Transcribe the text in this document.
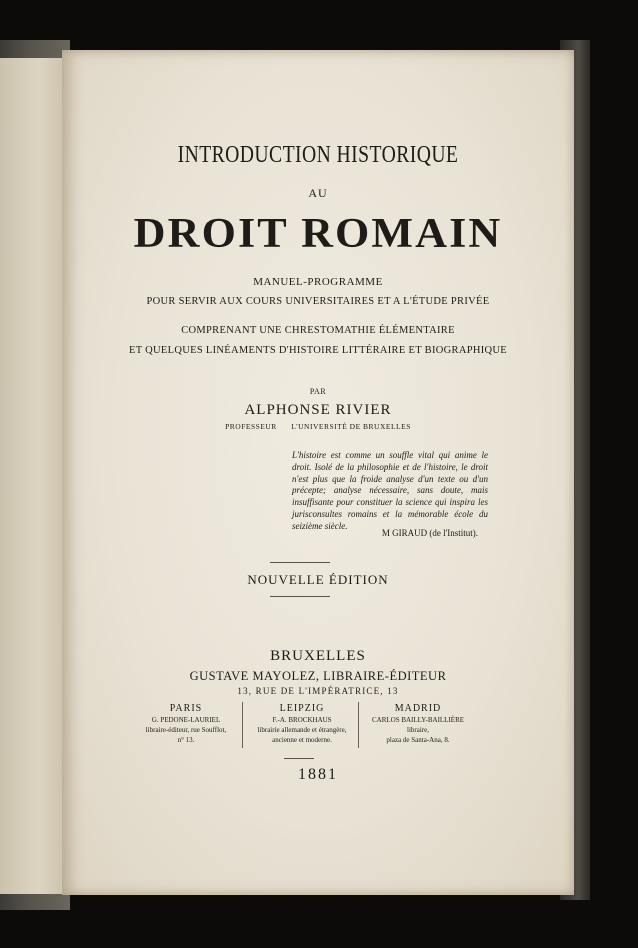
INTRODUCTION HISTORIQUE
AU
DROIT ROMAIN
MANUEL-PROGRAMME
POUR SERVIR AUX COURS UNIVERSITAIRES ET A L'ÉTUDE PRIVÉE
COMPRENANT UNE CHRESTOMATHIE ÉLÉMENTAIRE
ET QUELQUES LINÉAMENTS D'HISTOIRE LITTÉRAIRE ET BIOGRAPHIQUE
PAR
ALPHONSE RIVIER
PROFESSEUR L'UNIVERSITÉ DE BRUXELLES
L'histoire est comme un souffle vital qui anime le droit. Isolé de la philosophie et de l'histoire, le droit n'est plus que la froide analyse d'un texte ou d'un précepte; analyse nécessaire, sans doute, mais insuffisante pour constituer la science qui inspira les jurisconsultes romains et la mémorable école du seizième siècle.
M GIRAUD (de l'Institut).
NOUVELLE ÉDITION
BRUXELLES
GUSTAVE MAYOLEZ, LIBRAIRE-ÉDITEUR
13, RUE DE L'IMPÉRATRICE, 13
PARIS
G. PEDONE-LAURIEL
libraire-éditeur, rue Soufflot,
n° 13.
LEIPZIG
F.-A. BROCKHAUS
librairie allemande et étrangère,
ancienne et moderne.
MADRID
CARLOS BAILLY-BAILLIÈRE
libraire,
plaza de Santa-Ana, 8.
1881
